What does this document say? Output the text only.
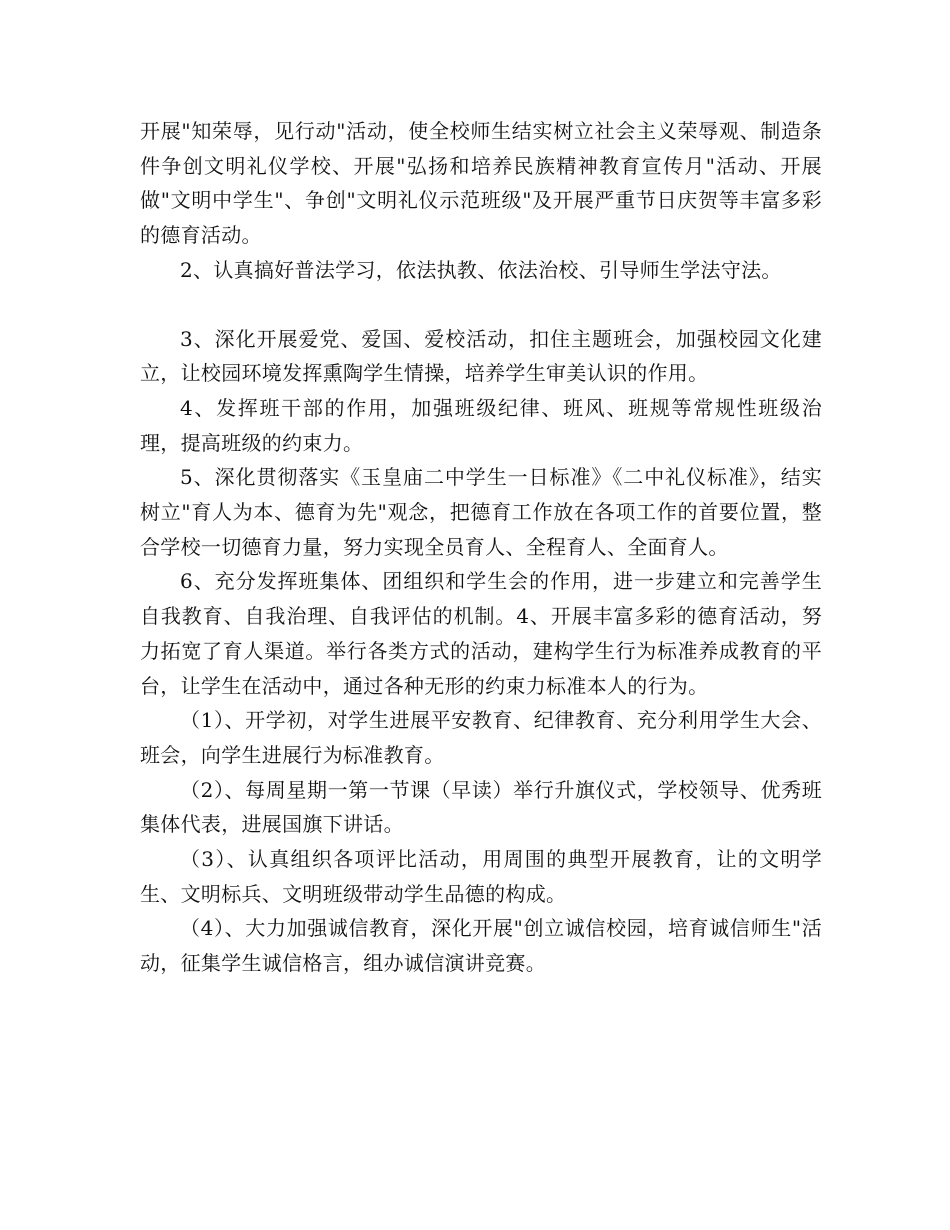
开展"知荣辱，见行动"活动，使全校师生结实树立社会主义荣辱观、制造条件争创文明礼仪学校、开展"弘扬和培养民族精神教育宣传月"活动、开展做"文明中学生"、争创"文明礼仪示范班级"及开展严重节日庆贺等丰富多彩的德育活动。

2、认真搞好普法学习，依法执教、依法治校、引导师生学法守法。

3、深化开展爱党、爱国、爱校活动，扣住主题班会，加强校园文化建立，让校园环境发挥熏陶学生情操，培养学生审美认识的作用。

4、发挥班干部的作用，加强班级纪律、班风、班规等常规性班级治理，提高班级的约束力。

5、深化贯彻落实《玉皇庙二中学生一日标准》《二中礼仪标准》，结实树立"育人为本、德育为先"观念，把德育工作放在各项工作的首要位置，整合学校一切德育力量，努力实现全员育人、全程育人、全面育人。

6、充分发挥班集体、团组织和学生会的作用，进一步建立和完善学生自我教育、自我治理、自我评估的机制。4、开展丰富多彩的德育活动，努力拓宽了育人渠道。举行各类方式的活动，建构学生行为标准养成教育的平台，让学生在活动中，通过各种无形的约束力标准本人的行为。

（1）、开学初，对学生进展平安教育、纪律教育、充分利用学生大会、班会，向学生进展行为标准教育。

（2）、每周星期一第一节课（早读）举行升旗仪式，学校领导、优秀班集体代表，进展国旗下讲话。

（3）、认真组织各项评比活动，用周围的典型开展教育，让的文明学生、文明标兵、文明班级带动学生品德的构成。

（4）、大力加强诚信教育，深化开展"创立诚信校园，培育诚信师生"活动，征集学生诚信格言，组办诚信演讲竞赛。
